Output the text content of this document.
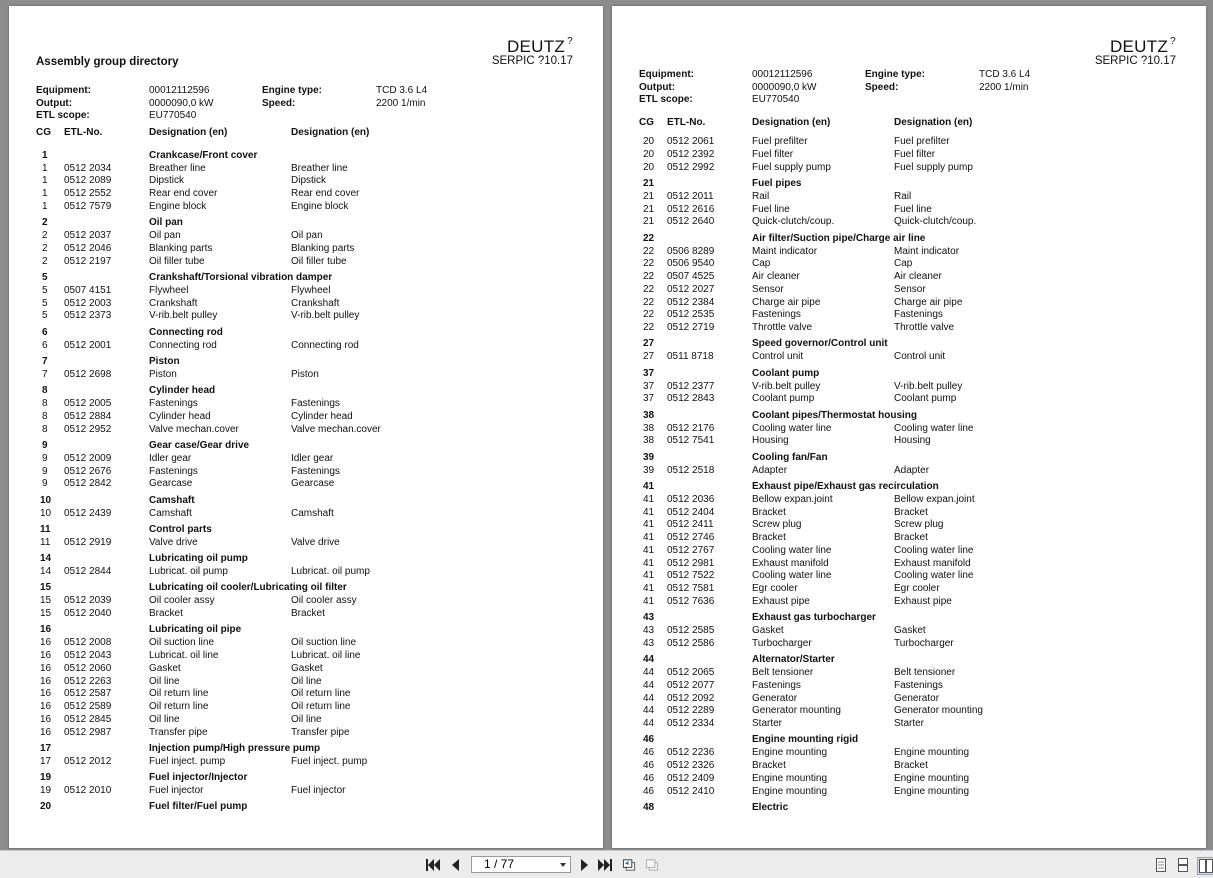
DEUTZ ?
SERPIC ?10.17
Assembly group directory
Equipment:	00012112596	Engine type:	TCD 3.6 L4
Output:	0000090,0 kW	Speed:	2200 1/min
ETL scope:	EU770540
CG ETL-No.	Designation (en)	Designation (en)
1	Crankcase/Front cover
1 0512 2034	Breather line	Breather line
1 0512 2089	Dipstick	Dipstick
1 0512 2552	Rear end cover	Rear end cover
1 0512 7579	Engine block	Engine block
2	Oil pan
2 0512 2037	Oil pan	Oil pan
2 0512 2046	Blanking parts	Blanking parts
2 0512 2197	Oil filler tube	Oil filler tube
5	Crankshaft/Torsional vibration damper
5 0507 4151	Flywheel	Flywheel
5 0512 2003	Crankshaft	Crankshaft
5 0512 2373	V-rib.belt pulley	V-rib.belt pulley
6	Connecting rod
6 0512 2001	Connecting rod	Connecting rod
7	Piston
7 0512 2698	Piston	Piston
8	Cylinder head
8 0512 2005	Fastenings	Fastenings
8 0512 2884	Cylinder head	Cylinder head
8 0512 2952	Valve mechan.cover	Valve mechan.cover
9	Gear case/Gear drive
9 0512 2009	Idler gear	Idler gear
9 0512 2676	Fastenings	Fastenings
9 0512 2842	Gearcase	Gearcase
10	Camshaft
10 0512 2439	Camshaft	Camshaft
11	Control parts
11 0512 2919	Valve drive	Valve drive
14	Lubricating oil pump
14 0512 2844	Lubricat. oil pump	Lubricat. oil pump
15	Lubricating oil cooler/Lubricating oil filter
15 0512 2039	Oil cooler assy	Oil cooler assy
15 0512 2040	Bracket	Bracket
16	Lubricating oil pipe
16 0512 2008	Oil suction line	Oil suction line
16 0512 2043	Lubricat. oil line	Lubricat. oil line
16 0512 2060	Gasket	Gasket
16 0512 2263	Oil line	Oil line
16 0512 2587	Oil return line	Oil return line
16 0512 2589	Oil return line	Oil return line
16 0512 2845	Oil line	Oil line
16 0512 2987	Transfer pipe	Transfer pipe
17	Injection pump/High pressure pump
17 0512 2012	Fuel inject. pump	Fuel inject. pump
19	Fuel injector/Injector
19 0512 2010	Fuel injector	Fuel injector
20	Fuel filter/Fuel pump
DEUTZ ?
SERPIC ?10.17
Equipment:	00012112596	Engine type:	TCD 3.6 L4
Output:	0000090,0 kW	Speed:	2200 1/min
ETL scope:	EU770540
CG ETL-No.	Designation (en)	Designation (en)
20 0512 2061	Fuel prefilter	Fuel prefilter
20 0512 2392	Fuel filter	Fuel filter
20 0512 2992	Fuel supply pump	Fuel supply pump
21	Fuel pipes
21 0512 2011	Rail	Rail
21 0512 2616	Fuel line	Fuel line
21 0512 2640	Quick-clutch/coup.	Quick-clutch/coup.
22	Air filter/Suction pipe/Charge air line
22 0506 8289	Maint indicator	Maint indicator
22 0506 9540	Cap	Cap
22 0507 4525	Air cleaner	Air cleaner
22 0512 2027	Sensor	Sensor
22 0512 2384	Charge air pipe	Charge air pipe
22 0512 2535	Fastenings	Fastenings
22 0512 2719	Throttle valve	Throttle valve
27	Speed governor/Control unit
27 0511 8718	Control unit	Control unit
37	Coolant pump
37 0512 2377	V-rib.belt pulley	V-rib.belt pulley
37 0512 2843	Coolant pump	Coolant pump
38	Coolant pipes/Thermostat housing
38 0512 2176	Cooling water line	Cooling water line
38 0512 7541	Housing	Housing
39	Cooling fan/Fan
39 0512 2518	Adapter	Adapter
41	Exhaust pipe/Exhaust gas recirculation
41 0512 2036	Bellow expan.joint	Bellow expan.joint
41 0512 2404	Bracket	Bracket
41 0512 2411	Screw plug	Screw plug
41 0512 2746	Bracket	Bracket
41 0512 2767	Cooling water line	Cooling water line
41 0512 2981	Exhaust manifold	Exhaust manifold
41 0512 7522	Cooling water line	Cooling water line
41 0512 7581	Egr cooler	Egr cooler
41 0512 7636	Exhaust pipe	Exhaust pipe
43	Exhaust gas turbocharger
43 0512 2585	Gasket	Gasket
43 0512 2586	Turbocharger	Turbocharger
44	Alternator/Starter
44 0512 2065	Belt tensioner	Belt tensioner
44 0512 2077	Fastenings	Fastenings
44 0512 2092	Generator	Generator
44 0512 2289	Generator mounting	Generator mounting
44 0512 2334	Starter	Starter
46	Engine mounting rigid
46 0512 2236	Engine mounting	Engine mounting
46 0512 2326	Bracket	Bracket
46 0512 2409	Engine mounting	Engine mounting
46 0512 2410	Engine mounting	Engine mounting
48	Electric
1 / 77
